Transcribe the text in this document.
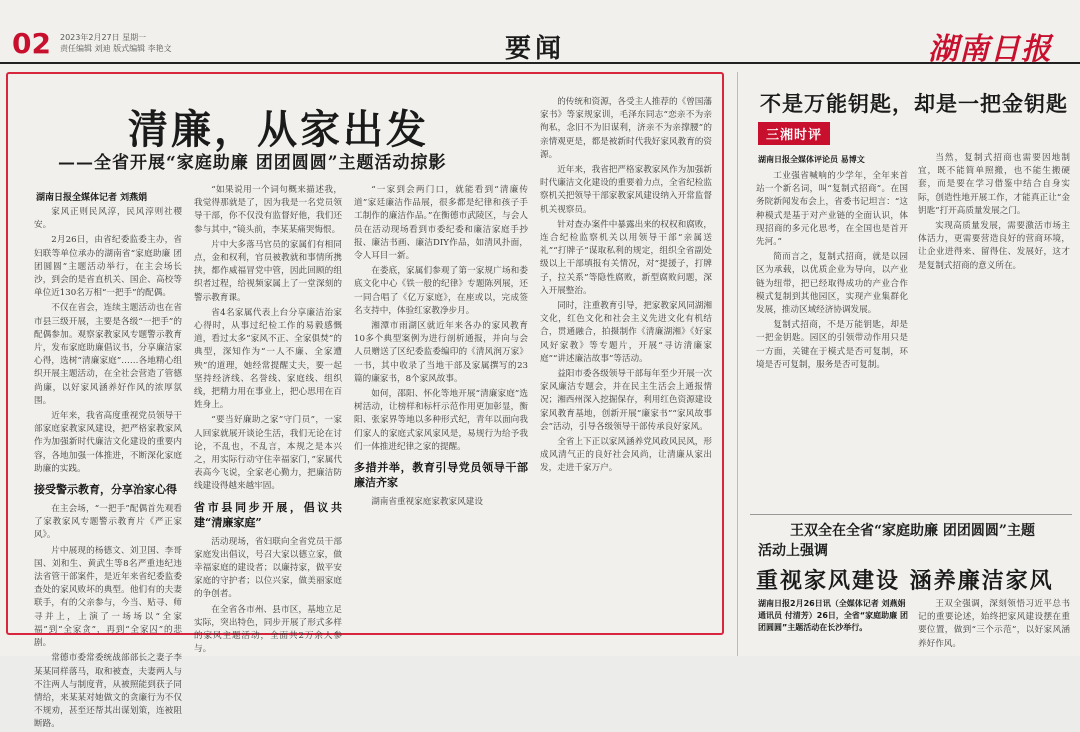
02 2023年2月27日 星期一
责任编辑 刘迪 版式编辑 李艳文	要闻	湖南日报
清廉，从家出发
——全省开展“家庭助廉 团团圆圆”主题活动掠影
湖南日报全媒体记者 刘燕娟

家风正则民风淳，民风淳则社稷安。

2月26日，由省纪委监委主办，省妇联等单位承办的湖南省“家庭助廉 团团圆圆”主题活动举行，在主会场长沙，到会的是省直机关、国企、高校等单位近130名万相“一把手”的配偶。

不仅在省会，连续主题活动也在省市县三级开展，主要是各级“一把手”的配偶参加。观察家教家风专题警示教育片，发布家庭助廉倡议书，分享廉洁家心得，选树“清廉家庭”……各地精心组织开展主题活动，在全社会营造了管德尚廉，以好家风涵养好作风的浓厚氛围。

近年来，我省高度重视党员领导干部家庭家教家风建设，把严格家教家风作为加强新时代廉洁文化建设的重要内容，各地加强一体推进，不断深化家庭助廉的实践。

接受警示教育，分享治家心得

在主会场，“一把手”配偶首先观看了家教家风专题警示教育片《严正家风》。

片中展现的杨德文、刘卫国、李哥国、刘和生、黄武生等8名严重违纪违法省管干部案件，是近年来省纪委监委查处的家风败坏的典型。他们有的夫妻联手，有的父亲参与，今当、贴寻、师寻并上，上演了一场场以“全家福”到“全家贪”，再到“全家囚”的悲剧。

常德市委常委统战部部长之妻子李某某同样落马，取和被查，夫妻两人与不注两人与制度背，从被照能到获子同情给，来某某对她做文的贪廉行为不仅不规劝，甚至还帮其出谋划策，连被阻断路。

“如果说用一个词句概来描述我，我觉得那就是了，因为我是一名党员领导干部，你不仅没有监督好他，我们还参与其中，”镜头前，李某某痛哭悔恨。

片中大多落马官员的家属们有相同点，金和权利，官员被教就和事情所携挟，都作威福冒党中管，因此回顾的组织者过程，给视频家属上了一堂深刻的警示教育课。

省4名家属代表上台分享廉洁治家心得时，从事过纪检工作的易毅感慨道，看过太多“家风不正、全家俱焚”的典型，深知作为“一人不廉、全家遭殃”的道理，她经常提醒丈夫，要一起坚持经济线、名誉线、家庭线、组织线，把精力用在事业上，把心思用在百姓身上。

“要当好廉助之家”守门员”，一家人回家就展开谈论生活，我们无论在讨论，不乱也，不乱言，本规之是本兴之，用实际行动守住幸福家门，”家属代表高今飞说，全家老心勤力，把廉洁防线建设得越来越牢固。

省市县同步开展，倡议共建“清廉家庭”

活动现场，省妇联向全省党员干部家庭发出倡议，号召大家以德立家，做幸福家庭的建设者；以廉持家，做平安家庭的守护者；以位兴家，做美丽家庭的争创者。

在全省各市州、县市区，基地立足实际，突出特色，同步开展了形式多样的家风主题活动，全面共2万余人参与。

“一家到会两门口，就能看到“清廉传道”家廷廉洁作品展，很多都是纪律和孩子手工制作的廉洁作品。”在衡德市武陵区，与会人员在活动现场看到市委纪委和廉洁家庭手抄报、廉洁书画、廉洁DIY作品，如清风扑面，令人耳目一新。

在娄底，家属们参观了第一家规广场和娄底文化中心《铁一般的纪律》专题陈列展，还一同合唱了《亿万家庭》，在座或以，完成签名支持中，体验红家教净步月。

湘潭市雨湖区就近年来各办的家风教育10多个典型案例为进行剖析通报，并向与会人员赠送了区纪委监委编印的《清风润万家》一书，其中收录了当地干部及家属撰写的23篇的廉家书，8个家风故事。

如何，邵阳、怀化等地开展“清廉家庭”选树活动，让榜样和标杆示范作用更加彰显，衡阳、张家界等地以多种形式纪，青年以面向我们家人的家庭式家风家风是，易规行为给予我们一体推进纪律之家的提醒。

多措并举，教育引导党员领导干部廉洁齐家

湖南省重视家庭家教家风建设

的传统和资源，各受主人推荐的《曾国藩家书》等家规家训，毛泽东同志“恋亲不为亲徇私，念旧不为旧谋利，济亲不为亲撑腰”的亲情观更是，都是被新时代我好家风教育的资源。

近年来，我省把严格家教家风作为加强新时代廉洁文化建设的重要着力点，全省纪检监察机关把领导干部家教家风建设纳入开常监督机关视察员。

针对查办案件中暴露出来的权权和腐败，连合纪检监察机关以用领导干部“亲属送礼”“打牌子”谋取私利的规定，组织全省副处级以上干部填报有关情况，对“提援子，打牌子，拉关系”等隐性腐败，新型腐败问题，深入开展整治。

同时，注重教育引导，把家教家风同湖湘文化，红色文化和社会主义先进文化有机结合，贯通融合，拍摄制作《清廉湖湘》《好家风好家教》等专题片，开展“寻访清廉家庭”“讲述廉洁故事”等活动。

益阳市委各级领导干部每年至少开展一次家风廉洁专题会，并在民主生活会上通报情况；湘西州深入挖掘保存，利用红色资源建设家风教育基地，创新开展“廉家书”“家风故事会”活动，引导各级领导干部传承良好家风。

全省上下正以家风涵养党风政风民风，形成风清气正的良好社会风尚，让清廉从家出发，走进千家万户。

不是万能钥匙，却是一把金钥匙
三湘时评
湖南日报全媒体评论员 易博文

工业强省喊响的少学年，全年来首站一个新名词，叫“复制式招商”。在国务院新闻发布会上，省委书记坦言：“这种模式是基于对产业链的全面认识，体现招商的多元化思考，在全国也是首开先河。”

简而言之，复制式招商，就是以园区为承载，以优质企业为导向，以产业链为纽带，把已经取得成功的产业合作模式复制到其他园区，实现产业集群化发展，推动区域经济协调发展。

复制式招商，不是万能钥匙，却是一把金钥匙。园区的引领带动作用只是一方面，关键在于模式是否可复制，环境是否可复制，服务是否可复制。

当然，复制式招商也需要因地制宜，既不能简单照搬，也不能生搬硬套，而是要在学习借鉴中结合自身实际，创造性地开展工作，才能真正让“金钥匙”打开高质量发展之门。

实现高质量发展，需要激活市场主体活力，更需要营造良好的营商环境，让企业进得来、留得住、发展好，这才是复制式招商的意义所在。

王双全在全省“家庭助廉 团团圆圆”主题
活动上强调
重视家风建设 涵养廉洁家风
湖南日报2月26日讯（全媒体记者 刘燕娟 通讯员 付清芳）26日，全省“家庭助廉 团团圆圆”主题活动在长沙举行。

王双全强调，深刻领悟习近平总书记的重要论述，始终把家风建设摆在重要位置，做到“三个示范”，以好家风涵养好作风。
